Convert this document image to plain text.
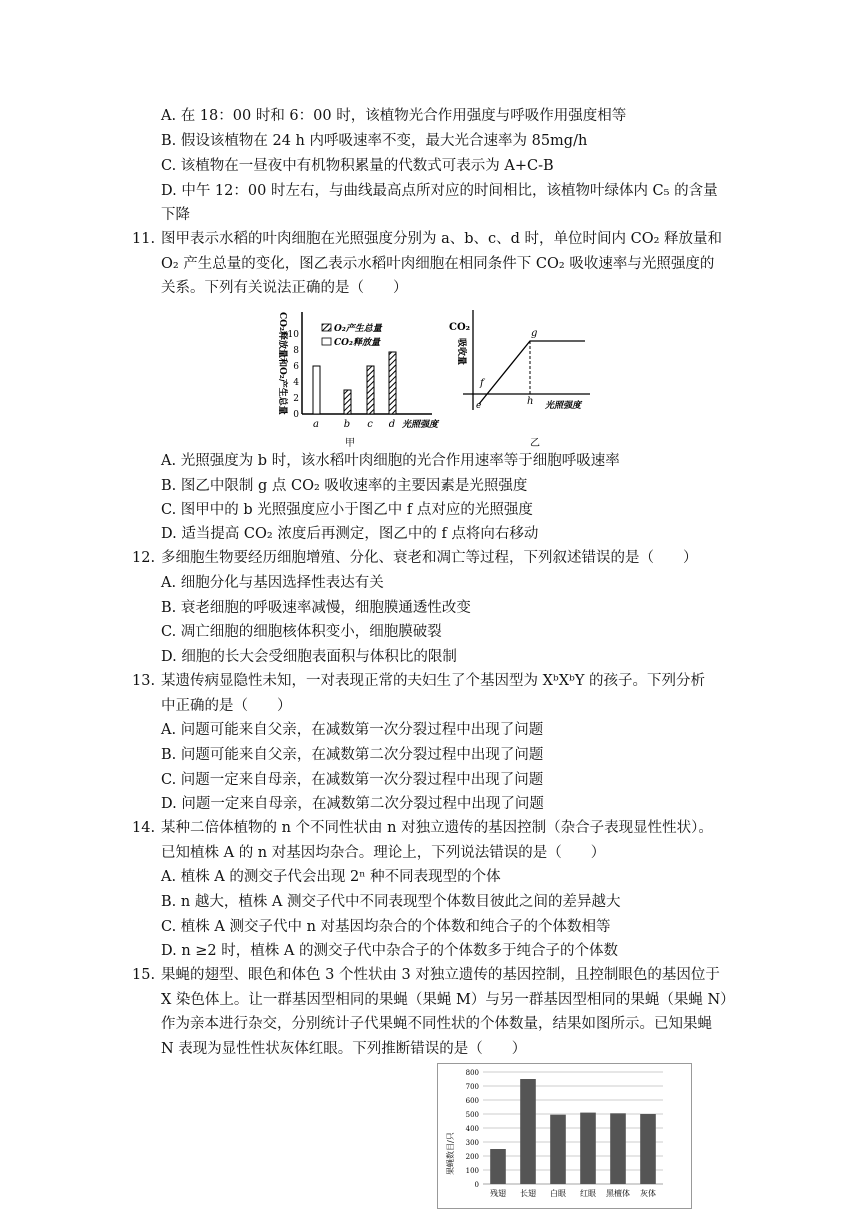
A. 在 18：00 时和 6：00 时，该植物光合作用强度与呼吸作用强度相等
B. 假设该植物在 24 h 内呼吸速率不变，最大光合速率为 85mg/h
C. 该植物在一昼夜中有机物积累量的代数式可表示为 A+C-B
D. 中午 12：00 时左右，与曲线最高点所对应的时间相比，该植物叶绿体内 C₅ 的含量
下降
11. 图甲表示水稻的叶肉细胞在光照强度分别为 a、b、c、d 时，单位时间内 CO₂ 释放量和
O₂ 产生总量的变化，图乙表示水稻叶肉细胞在相同条件下 CO₂ 吸收速率与光照强度的
关系。下列有关说法正确的是（　　）
CO₂释放量和O₂产生总量
0
2
4
6
8
10
O₂产生总量
CO₂释放量
a b c d 光照强度
甲
CO₂
吸收量
g
f
e	h 光照强度
乙
A. 光照强度为 b 时，该水稻叶肉细胞的光合作用速率等于细胞呼吸速率
B. 图乙中限制 g 点 CO₂ 吸收速率的主要因素是光照强度
C. 图甲中的 b 光照强度应小于图乙中 f 点对应的光照强度
D. 适当提高 CO₂ 浓度后再测定，图乙中的 f 点将向右移动
12. 多细胞生物要经历细胞增殖、分化、衰老和凋亡等过程，下列叙述错误的是（　　）
A. 细胞分化与基因选择性表达有关
B. 衰老细胞的呼吸速率减慢，细胞膜通透性改变
C. 凋亡细胞的细胞核体积变小，细胞膜破裂
D. 细胞的长大会受细胞表面积与体积比的限制
13. 某遗传病显隐性未知，一对表现正常的夫妇生了个基因型为 XᵇXᵇY 的孩子。下列分析
中正确的是（　　）
A. 问题可能来自父亲，在减数第一次分裂过程中出现了问题
B. 问题可能来自父亲，在减数第二次分裂过程中出现了问题
C. 问题一定来自母亲，在减数第一次分裂过程中出现了问题
D. 问题一定来自母亲，在减数第二次分裂过程中出现了问题
14. 某种二倍体植物的 n 个不同性状由 n 对独立遗传的基因控制（杂合子表现显性性状）。
已知植株 A 的 n 对基因均杂合。理论上，下列说法错误的是（　　）
A. 植株 A 的测交子代会出现 2ⁿ 种不同表现型的个体
B. n 越大，植株 A 测交子代中不同表现型个体数目彼此之间的差异越大
C. 植株 A 测交子代中 n 对基因均杂合的个体数和纯合子的个体数相等
D. n ≥2 时，植株 A 的测交子代中杂合子的个体数多于纯合子的个体数
15. 果蝇的翅型、眼色和体色 3 个性状由 3 对独立遗传的基因控制，且控制眼色的基因位于
X 染色体上。让一群基因型相同的果蝇（果蝇 M）与另一群基因型相同的果蝇（果蝇 N）
作为亲本进行杂交，分别统计子代果蝇不同性状的个体数量，结果如图所示。已知果蝇
N 表现为显性性状灰体红眼。下列推断错误的是（　　）
果蝇数目/只
0
100
200
300
400
500
600
700
800
残翅 长翅 白眼 红眼 黑檀体 灰体
